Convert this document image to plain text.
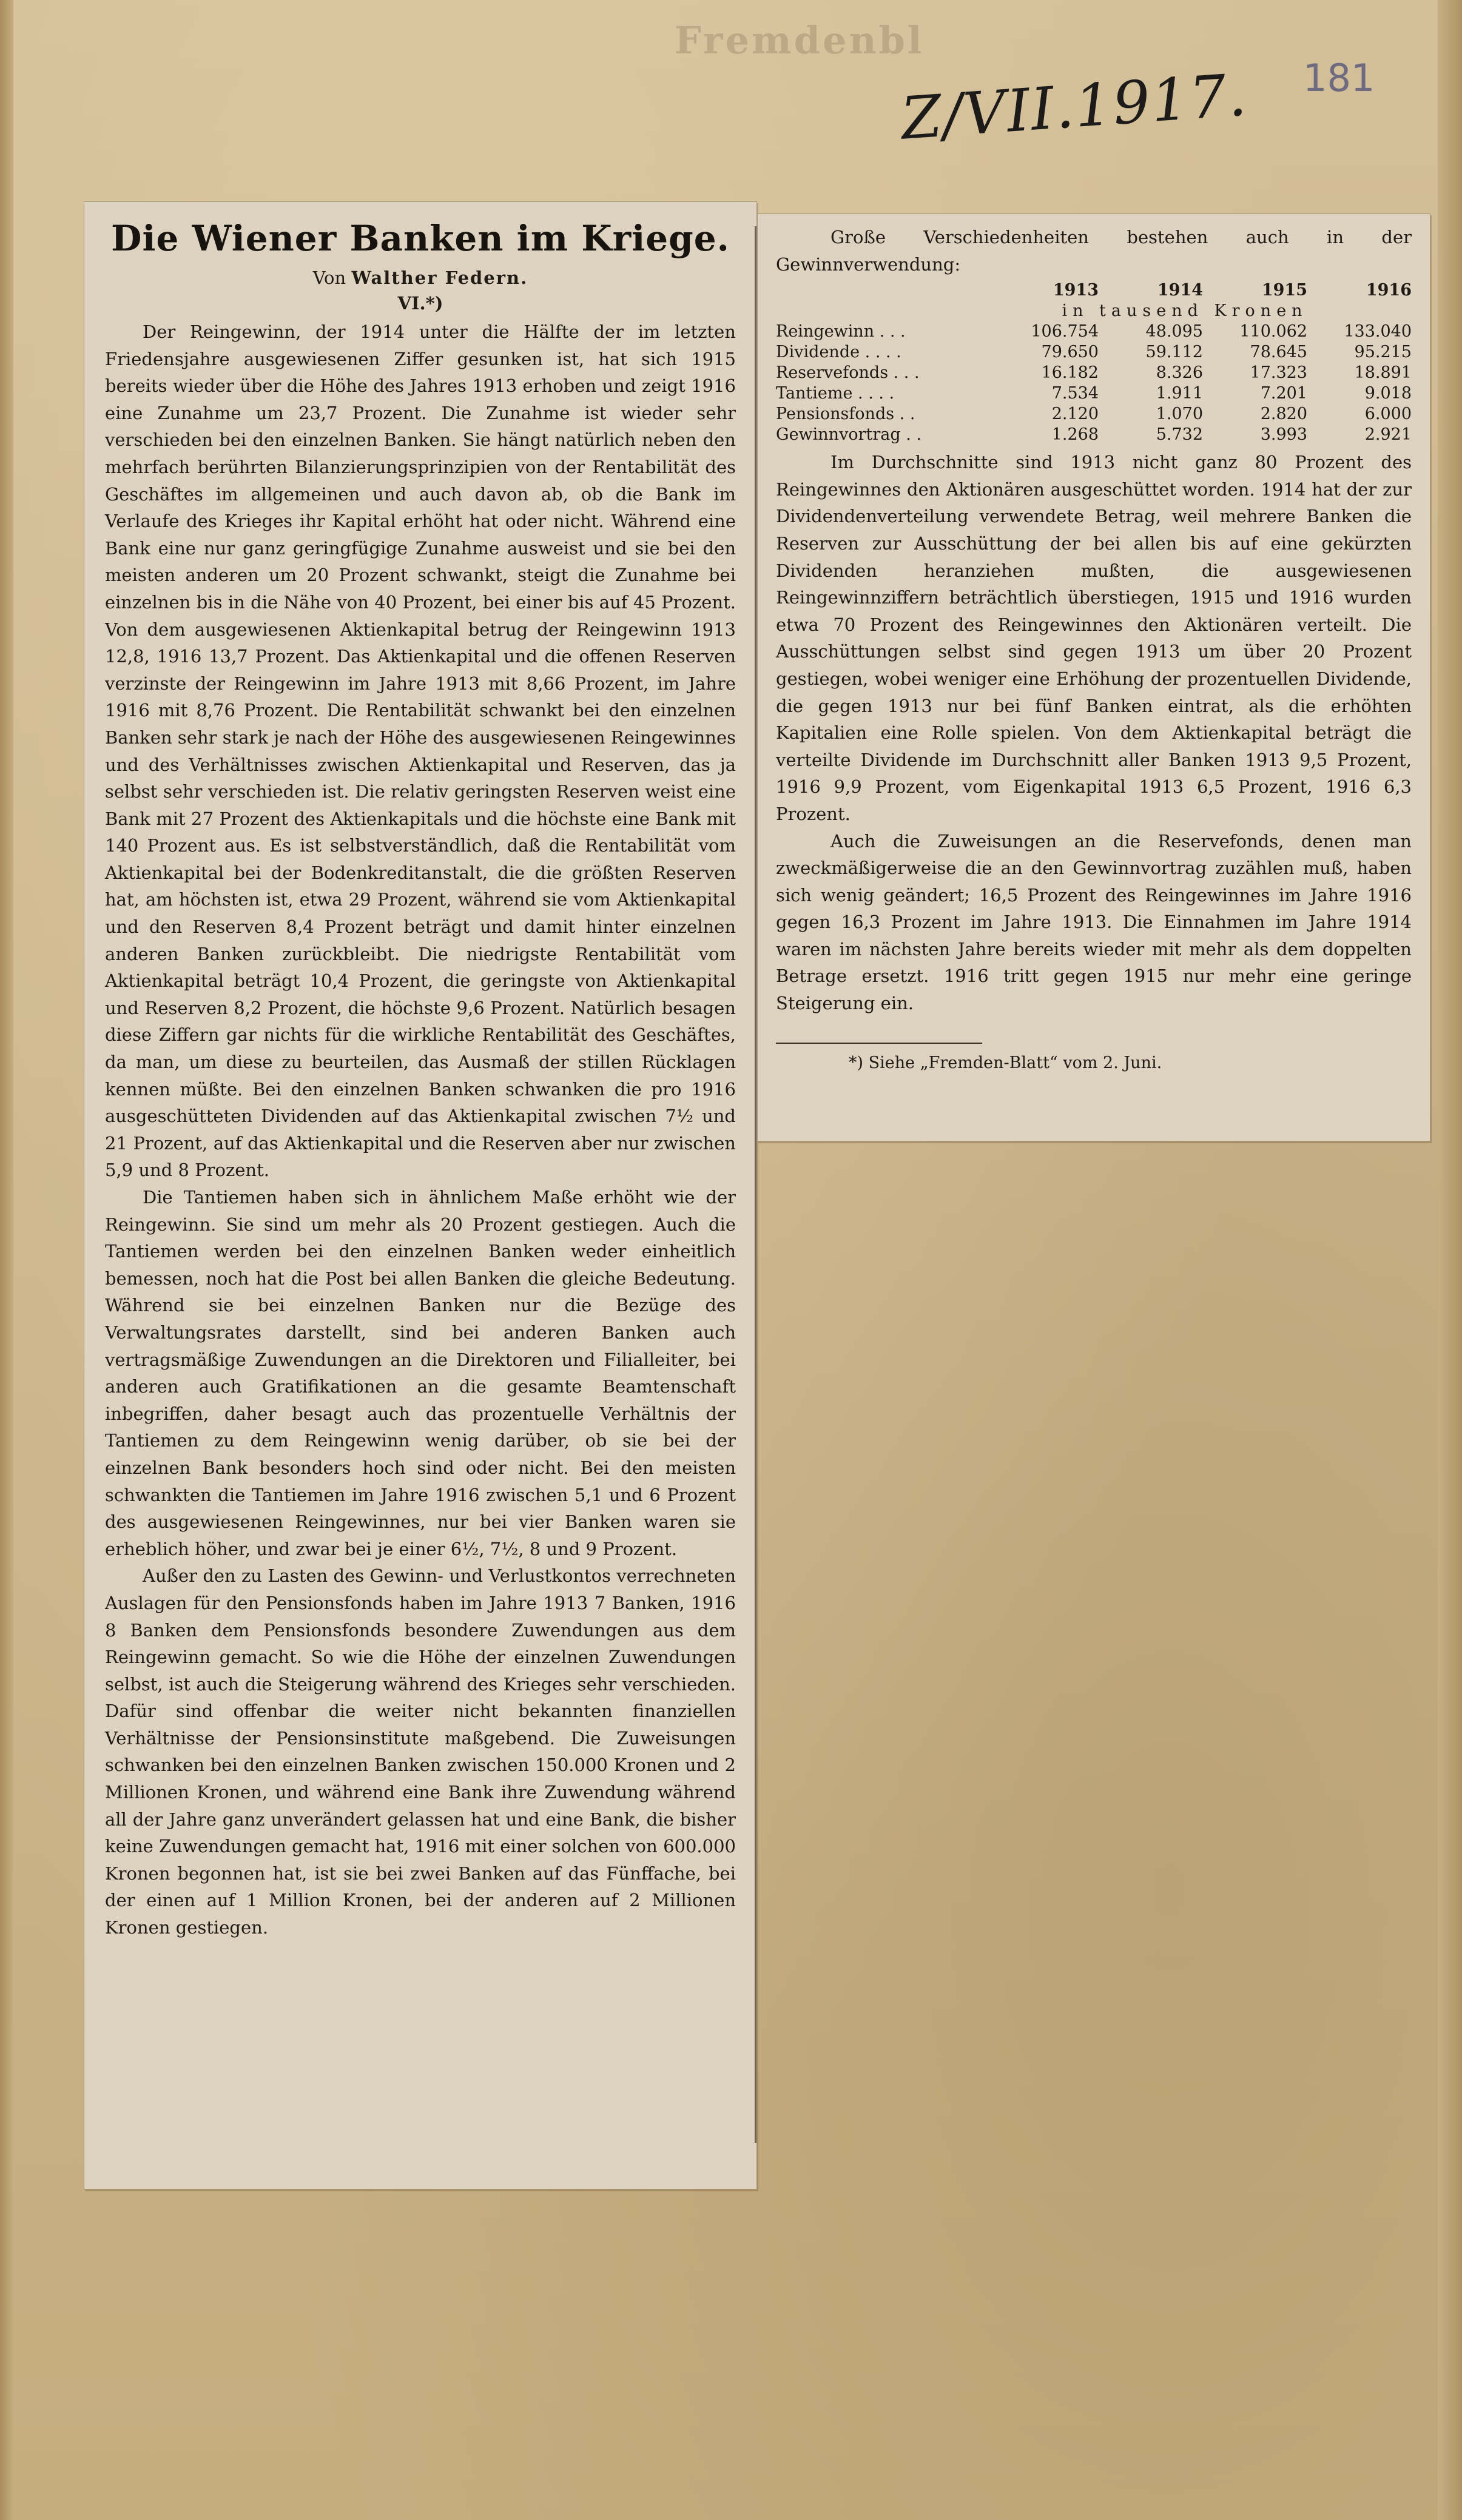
Fremdenbl
Z/VII.1917. 181
Die Wiener Banken im Kriege.
Von Walther Federn.
VI.*)

Der Reingewinn, der 1914 unter die Hälfte der im letzten Friedensjahre ausgewiesenen Ziffer gesunken ist, hat sich 1915 bereits wieder über die Höhe des Jahres 1913 erhoben und zeigt 1916 eine Zunahme um 23,7 Prozent. Die Zunahme ist wieder sehr verschieden bei den einzelnen Banken. Sie hängt natürlich neben den mehrfach berührten Bilanzierungsprinzipien von der Rentabilität des Geschäftes im allgemeinen und auch davon ab, ob die Bank im Verlaufe des Krieges ihr Kapital erhöht hat oder nicht. Während eine Bank eine nur ganz geringfügige Zunahme ausweist und sie bei den meisten anderen um 20 Prozent schwankt, steigt die Zunahme bei einzelnen bis in die Nähe von 40 Prozent, bei einer bis auf 45 Prozent. Von dem ausgewiesenen Aktienkapital betrug der Reingewinn 1913 12,8, 1916 13,7 Prozent. Das Aktienkapital und die offenen Reserven verzinste der Reingewinn im Jahre 1913 mit 8,66 Prozent, im Jahre 1916 mit 8,76 Prozent. Die Rentabilität schwankt bei den einzelnen Banken sehr stark je nach der Höhe des ausgewiesenen Reingewinnes und des Verhältnisses zwischen Aktienkapital und Reserven, das ja selbst sehr verschieden ist. Die relativ geringsten Reserven weist eine Bank mit 27 Prozent des Aktienkapitals und die höchste eine Bank mit 140 Prozent aus. Es ist selbstverständlich, daß die Rentabilität vom Aktienkapital bei der Bodenkreditanstalt, die die größten Reserven hat, am höchsten ist, etwa 29 Prozent, während sie vom Aktienkapital und den Reserven 8,4 Prozent beträgt und damit hinter einzelnen anderen Banken zurückbleibt. Die niedrigste Rentabilität vom Aktienkapital beträgt 10,4 Prozent, die geringste von Aktienkapital und Reserven 8,2 Prozent, die höchste 9,6 Prozent. Natürlich besagen diese Ziffern gar nichts für die wirkliche Rentabilität des Geschäftes, da man, um diese zu beurteilen, das Ausmaß der stillen Rücklagen kennen müßte. Bei den einzelnen Banken schwanken die pro 1916 ausgeschütteten Dividenden auf das Aktienkapital zwischen 7½ und 21 Prozent, auf das Aktienkapital und die Reserven aber nur zwischen 5,9 und 8 Prozent.

Die Tantiemen haben sich in ähnlichem Maße erhöht wie der Reingewinn. Sie sind um mehr als 20 Prozent gestiegen. Auch die Tantiemen werden bei den einzelnen Banken weder einheitlich bemessen, noch hat die Post bei allen Banken die gleiche Bedeutung. Während sie bei einzelnen Banken nur die Bezüge des Verwaltungsrates darstellt, sind bei anderen Banken auch vertragsmäßige Zuwendungen an die Direktoren und Filialleiter, bei anderen auch Gratifikationen an die gesamte Beamtenschaft inbegriffen, daher besagt auch das prozentuelle Verhältnis der Tantiemen zu dem Reingewinn wenig darüber, ob sie bei der einzelnen Bank besonders hoch sind oder nicht. Bei den meisten schwankten die Tantiemen im Jahre 1916 zwischen 5,1 und 6 Prozent des ausgewiesenen Reingewinnes, nur bei vier Banken waren sie erheblich höher, und zwar bei je einer 6½, 7½, 8 und 9 Prozent.

Außer den zu Lasten des Gewinn- und Verlustkontos verrechneten Auslagen für den Pensionsfonds haben im Jahre 1913 7 Banken, 1916 8 Banken dem Pensionsfonds besondere Zuwendungen aus dem Reingewinn gemacht. So wie die Höhe der einzelnen Zuwendungen selbst, ist auch die Steigerung während des Krieges sehr verschieden. Dafür sind offenbar die weiter nicht bekannten finanziellen Verhältnisse der Pensionsinstitute maßgebend. Die Zuweisungen schwanken bei den einzelnen Banken zwischen 150.000 Kronen und 2 Millionen Kronen, und während eine Bank ihre Zuwendung während all der Jahre ganz unverändert gelassen hat und eine Bank, die bisher keine Zuwendungen gemacht hat, 1916 mit einer solchen von 600.000 Kronen begonnen hat, ist sie bei zwei Banken auf das Fünffache, bei der einen auf 1 Million Kronen, bei der anderen auf 2 Millionen Kronen gestiegen.

Große Verschiedenheiten bestehen auch in der Gewinnverwendung:

1913	1914	1915	1916
in tausend Kronen
Reingewinn . . .	106.754	48.095	110.062	133.040
Dividende . . . .	79.650	59.112	78.645	95.215
Reservefonds . . .	16.182	8.326	17.323	18.891
Tantieme . . . .	7.534	1.911	7.201	9.018
Pensionsfonds . .	2.120	1.070	2.820	6.000
Gewinnvortrag . .	1.268	5.732	3.993	2.921

Im Durchschnitte sind 1913 nicht ganz 80 Prozent des Reingewinnes den Aktionären ausgeschüttet worden. 1914 hat der zur Dividendenverteilung verwendete Betrag, weil mehrere Banken die Reserven zur Ausschüttung der bei allen bis auf eine gekürzten Dividenden heranziehen mußten, die ausgewiesenen Reingewinnziffern beträchtlich überstiegen, 1915 und 1916 wurden etwa 70 Prozent des Reingewinnes den Aktionären verteilt. Die Ausschüttungen selbst sind gegen 1913 um über 20 Prozent gestiegen, wobei weniger eine Erhöhung der prozentuellen Dividende, die gegen 1913 nur bei fünf Banken eintrat, als die erhöhten Kapitalien eine Rolle spielen. Von dem Aktienkapital beträgt die verteilte Dividende im Durchschnitt aller Banken 1913 9,5 Prozent, 1916 9,9 Prozent, vom Eigenkapital 1913 6,5 Prozent, 1916 6,3 Prozent.

Auch die Zuweisungen an die Reservefonds, denen man zweckmäßigerweise die an den Gewinnvortrag zuzählen muß, haben sich wenig geändert; 16,5 Prozent des Reingewinnes im Jahre 1916 gegen 16,3 Prozent im Jahre 1913. Die Einnahmen im Jahre 1914 waren im nächsten Jahre bereits wieder mit mehr als dem doppelten Betrage ersetzt. 1916 tritt gegen 1915 nur mehr eine geringe Steigerung ein.

*) Siehe „Fremden-Blatt“ vom 2. Juni.
